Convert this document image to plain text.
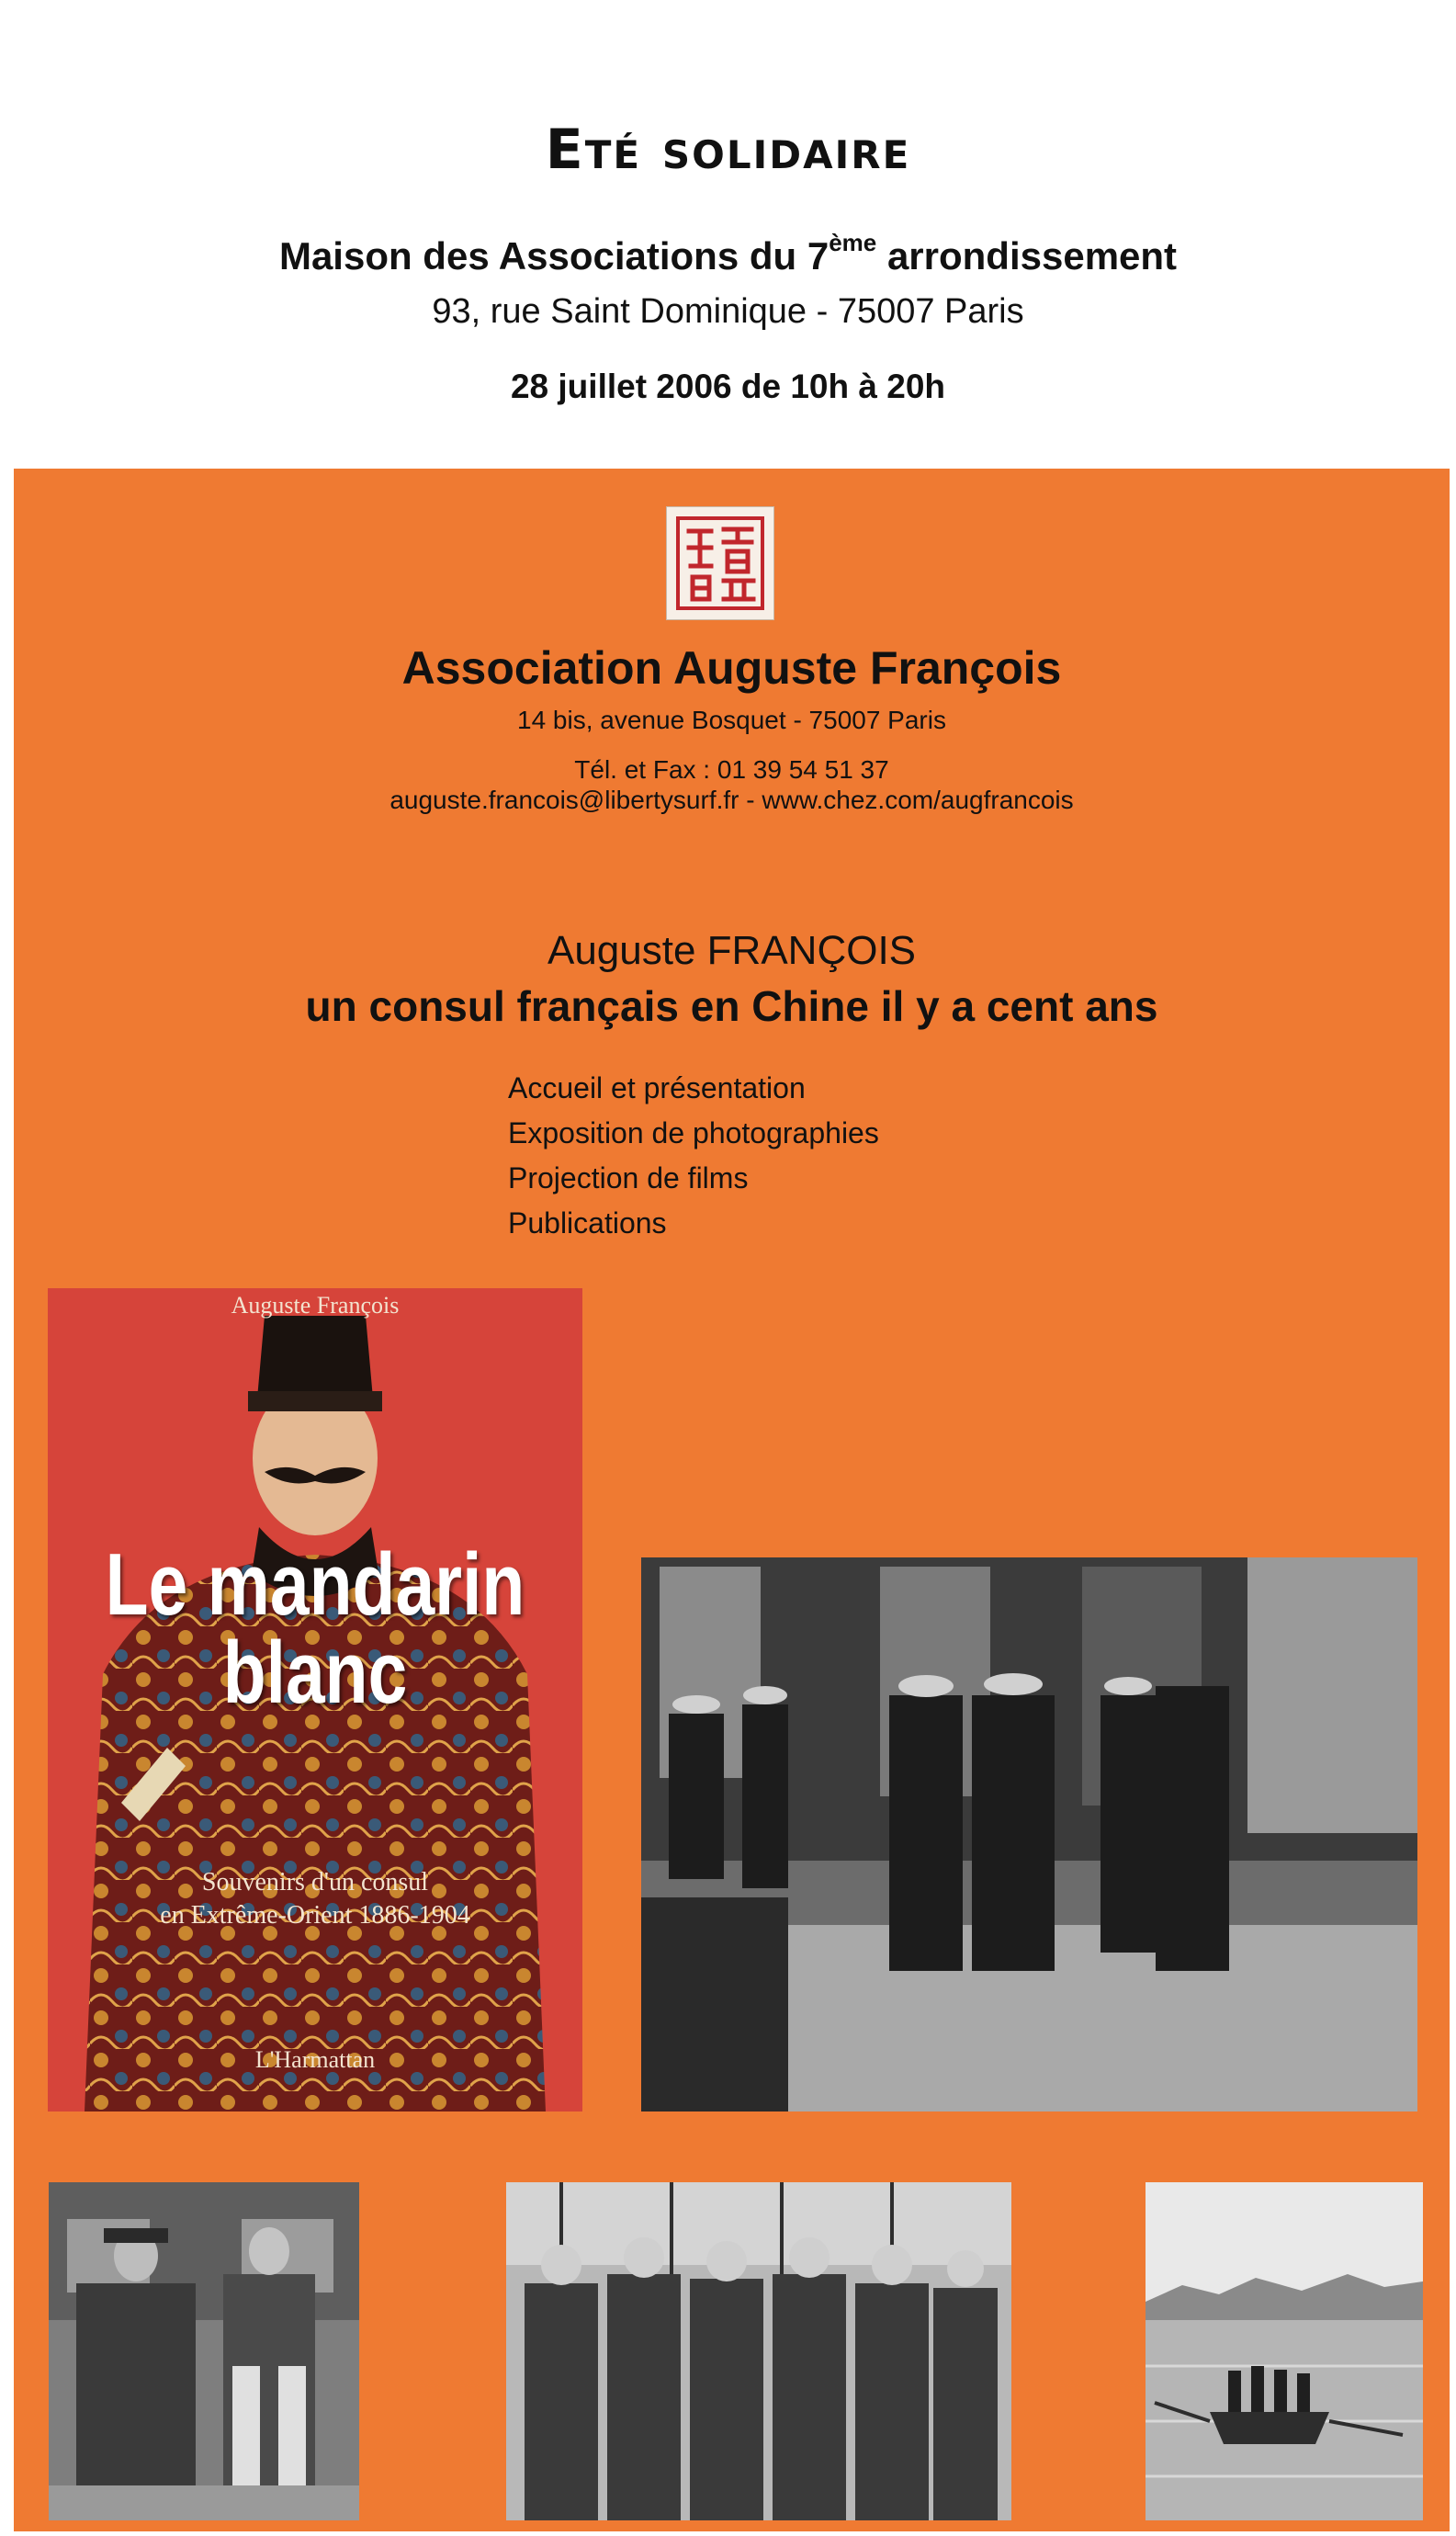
Eté solidaire
Maison des Associations du 7ème arrondissement
93, rue Saint Dominique - 75007 Paris
28 juillet 2006 de 10h à 20h
Association Auguste François
14 bis, avenue Bosquet - 75007 Paris
Tél. et Fax : 01 39 54 51 37
auguste.francois@libertysurf.fr - www.chez.com/augfrancois
Auguste FRANÇOIS
un consul français en Chine il y a cent ans
Accueil et présentation
Exposition de photographies
Projection de films
Publications
Auguste François
Le mandarin
blanc
Souvenirs d'un consul
en Extrême-Orient 1886-1904
L'Harmattan
